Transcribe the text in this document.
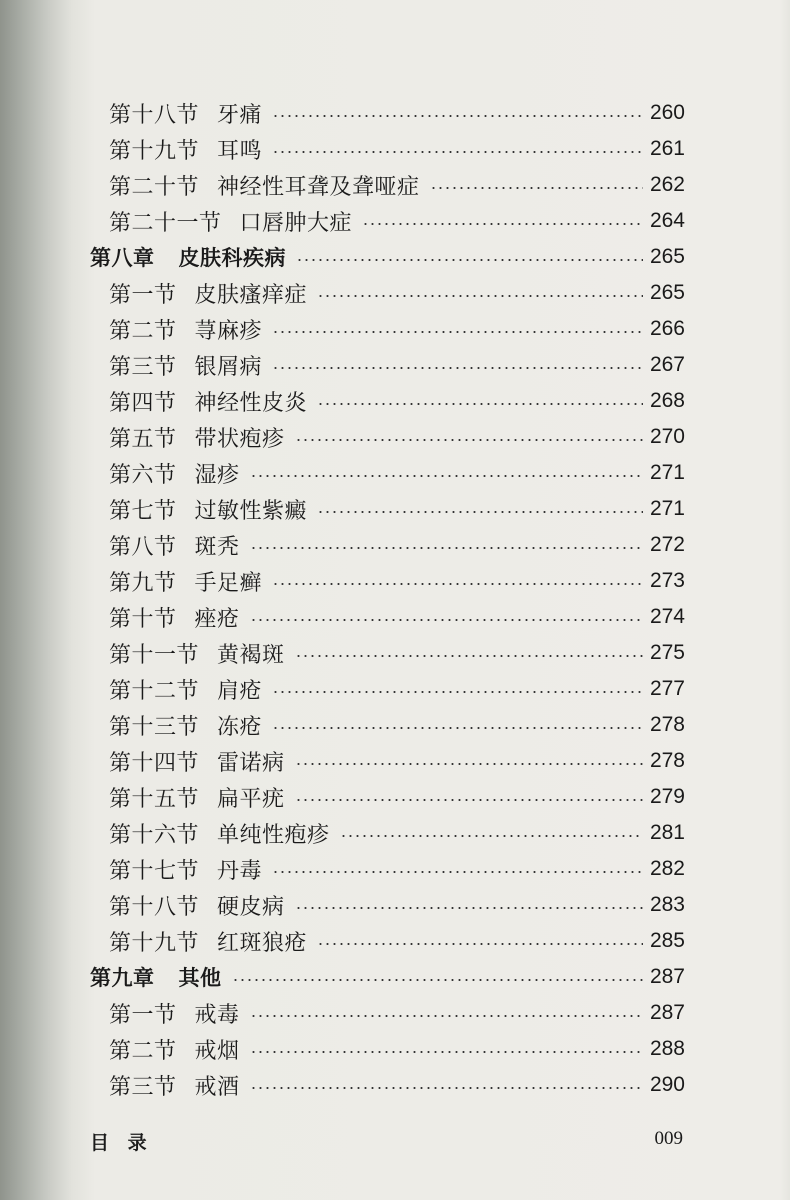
第十八节 牙痛	260
第十九节 耳鸣	261
第二十节 神经性耳聋及聋哑症	262
第二十一节 口唇肿大症	264
第八章 皮肤科疾病	265
第一节 皮肤瘙痒症	265
第二节 荨麻疹	266
第三节 银屑病	267
第四节 神经性皮炎	268
第五节 带状疱疹	270
第六节 湿疹	271
第七节 过敏性紫癜	271
第八节 斑秃	272
第九节 手足癣	273
第十节 痤疮	274
第十一节 黄褐斑	275
第十二节 肩疮	277
第十三节 冻疮	278
第十四节 雷诺病	278
第十五节 扁平疣	279
第十六节 单纯性疱疹	281
第十七节 丹毒	282
第十八节 硬皮病	283
第十九节 红斑狼疮	285
第九章 其他	287
第一节 戒毒	287
第二节 戒烟	288
第三节 戒酒	290
目 录	009
